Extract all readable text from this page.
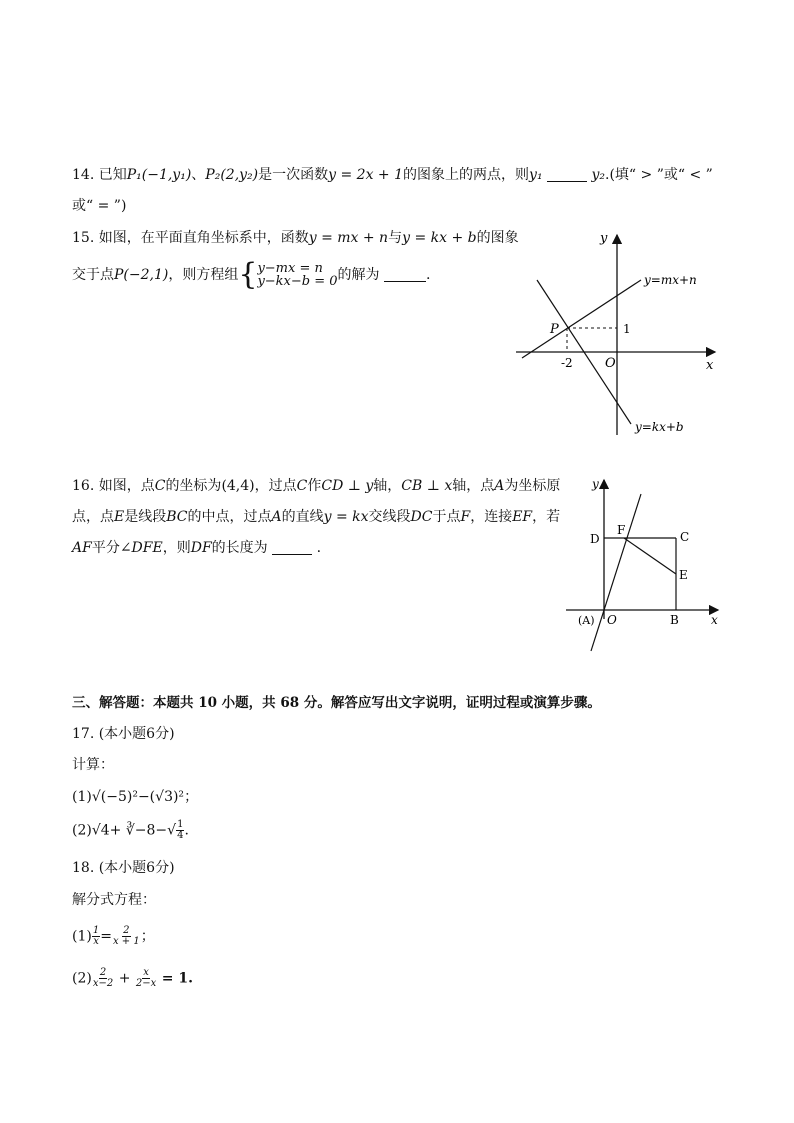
14. 已知P₁(−1,y₁)、P₂(2,y₂)是一次函数y = 2x + 1的图象上的两点，则y₁	y₂.(填“ > ”或“ < ”
或“ = ”)
15. 如图，在平面直角坐标系中，函数y = mx + n与y = kx + b的图象
交于点P(−2,1)，则方程组{y−mx = n
y−kx−b = 0的解为	.
y
x
O
P
-2
1
y=mx+n
y=kx+b
16. 如图，点C的坐标为(4,4)，过点C作CD ⊥ y轴，CB ⊥ x轴，点A为坐标原
点，点E是线段BC的中点，过点A的直线y = kx交线段DC于点F，连接EF，若
AF平分∠DFE，则DF的长度为	.
y
x
D
F	C
E
(A) O	B
三、解答题：本题共 10 小题，共 68 分。解答应写出文字说明，证明过程或演算步骤。
17. (本小题6分)
计算：
(1)√(−5)²−(√3)²；
(2)√4+ ∛−8−√ $\frac{1}{4}$ .
18. (本小题6分)
解分式方程：
$(1) \frac{1}{x} = \frac{2}{x + 1}$ ；
$(2) \frac{2}{x-2} + \frac{x}{2-x} = 1$.
